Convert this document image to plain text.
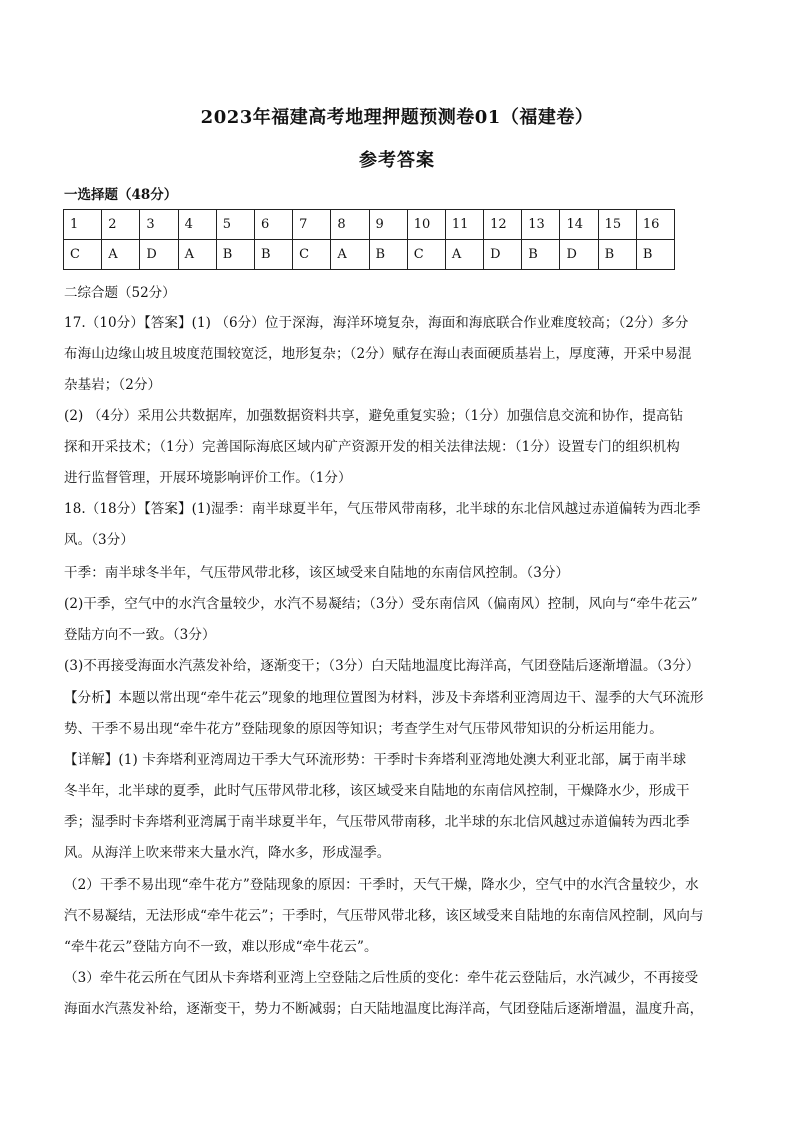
2023年福建高考地理押题预测卷01（福建卷）
参考答案
一选择题（48分）
1	2	3	4	5	6	7	8	9	10	11	12	13	14	15	16
C	A	D	A	B	B	C	A	B	C	A	D	B	D	B	B
二综合题（52分）
17.（10分）【答案】(1) （6分）位于深海，海洋环境复杂，海面和海底联合作业难度较高；（2分）多分
布海山边缘山坡且坡度范围较宽泛，地形复杂；（2分）赋存在海山表面硬质基岩上，厚度薄，开采中易混
杂基岩；（2分）
(2) （4分）采用公共数据库，加强数据资料共享，避免重复实验；（1分）加强信息交流和协作，提高钻
探和开采技术；（1分）完善国际海底区域内矿产资源开发的相关法律法规：（1分）设置专门的组织机构
进行监督管理，开展环境影响评价工作。（1分）
18.（18分）【答案】(1)湿季：南半球夏半年，气压带风带南移，北半球的东北信风越过赤道偏转为西北季
风。（3分）
干季：南半球冬半年，气压带风带北移，该区域受来自陆地的东南信风控制。（3分）
(2)干季，空气中的水汽含量较少，水汽不易凝结；（3分）受东南信风（偏南风）控制，风向与“牵牛花云”
登陆方向不一致。（3分）
(3)不再接受海面水汽蒸发补给，逐渐变干；（3分）白天陆地温度比海洋高，气团登陆后逐渐增温。（3分）
【分析】本题以常出现“牵牛花云”现象的地理位置图为材料，涉及卡奔塔利亚湾周边干、湿季的大气环流形
势、干季不易出现“牵牛花方”登陆现象的原因等知识；考查学生对气压带风带知识的分析运用能力。
【详解】(1) 卡奔塔利亚湾周边干季大气环流形势：干季时卡奔塔利亚湾地处澳大利亚北部，属于南半球
冬半年，北半球的夏季，此时气压带风带北移，该区域受来自陆地的东南信风控制，干燥降水少，形成干
季；湿季时卡奔塔利亚湾属于南半球夏半年，气压带风带南移，北半球的东北信风越过赤道偏转为西北季
风。从海洋上吹来带来大量水汽，降水多，形成湿季。
（2）干季不易出现“牵牛花方”登陆现象的原因：干季时，天气干燥，降水少，空气中的水汽含量较少，水
汽不易凝结，无法形成“牵牛花云”；干季时，气压带风带北移，该区域受来自陆地的东南信风控制，风向与
“牵牛花云”登陆方向不一致，难以形成“牵牛花云”。
（3）牵牛花云所在气团从卡奔塔利亚湾上空登陆之后性质的变化：牵牛花云登陆后，水汽减少，不再接受
海面水汽蒸发补给，逐渐变干，势力不断减弱；白天陆地温度比海洋高，气团登陆后逐渐增温，温度升高，
